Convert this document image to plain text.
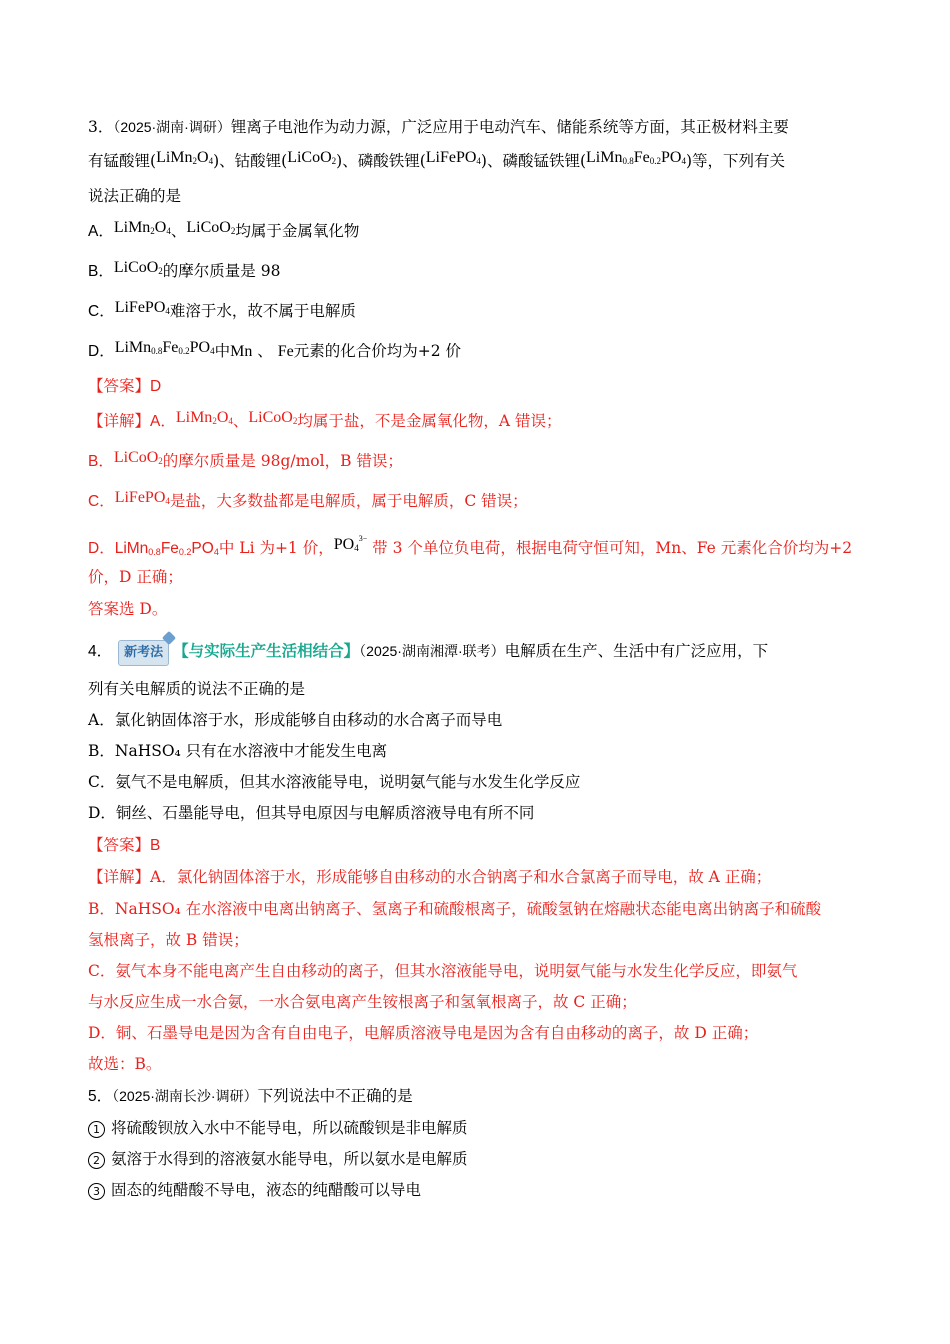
3．（2025·湖南·调研）锂离子电池作为动力源，广泛应用于电动汽车、储能系统等方面，其正极材料主要
有锰酸锂$(LiMn_2O_4)$、钴酸锂(LiCoO$_2$)、磷酸铁锂(LiFePO$_4$)、磷酸锰铁锂$(LiMn_{0.8}Fe_{0.2}PO_4)$等，下列有关
说法正确的是
A．$LiMn_2O_4$、LiCoO$_2$均属于金属氧化物
B．LiCoO$_2$的摩尔质量是 98
C．LiFePO$_4$难溶于水，故不属于电解质
D．$LiMn_{0.8}Fe_{0.2}PO_4$中Mn 、 Fe元素的化合价均为+2 价
【答案】D
【详解】A．$LiMn_2O_4$、LiCoO$_2$均属于盐，不是金属氧化物，A 错误；
B．LiCoO$_2$的摩尔质量是 98g/mol，B 错误；
C．LiFePO$_4$是盐，大多数盐都是电解质，属于电解质，C 错误；
D．$LiMn_{0.8}Fe_{0.2}PO_4$中 Li 为+1 价，$PO_4^{3-}$ 带 3 个单位负电荷，根据电荷守恒可知，Mn、Fe 元素化合价均为+2
价，D 正确；
答案选 D。
4． 新考法 【与实际生产生活相结合】（2025·湖南湘潭·联考）电解质在生产、生活中有广泛应用，下
列有关电解质的说法不正确的是
A．氯化钠固体溶于水，形成能够自由移动的水合离子而导电
B．NaHSO₄ 只有在水溶液中才能发生电离
C．氨气不是电解质，但其水溶液能导电，说明氨气能与水发生化学反应
D．铜丝、石墨能导电，但其导电原因与电解质溶液导电有所不同
【答案】B
【详解】A．氯化钠固体溶于水，形成能够自由移动的水合钠离子和水合氯离子而导电，故 A 正确；
B．NaHSO₄ 在水溶液中电离出钠离子、氢离子和硫酸根离子，硫酸氢钠在熔融状态能电离出钠离子和硫酸
氢根离子，故 B 错误；
C．氨气本身不能电离产生自由移动的离子，但其水溶液能导电，说明氨气能与水发生化学反应，即氨气
与水反应生成一水合氨，一水合氨电离产生铵根离子和氢氧根离子，故 C 正确；
D．铜、石墨导电是因为含有自由电子，电解质溶液导电是因为含有自由移动的离子，故 D 正确；
故选：B。
5．（2025·湖南长沙·调研）下列说法中不正确的是
1 将硫酸钡放入水中不能导电，所以硫酸钡是非电解质
2 氨溶于水得到的溶液氨水能导电，所以氨水是电解质
3 固态的纯醋酸不导电，液态的纯醋酸可以导电
